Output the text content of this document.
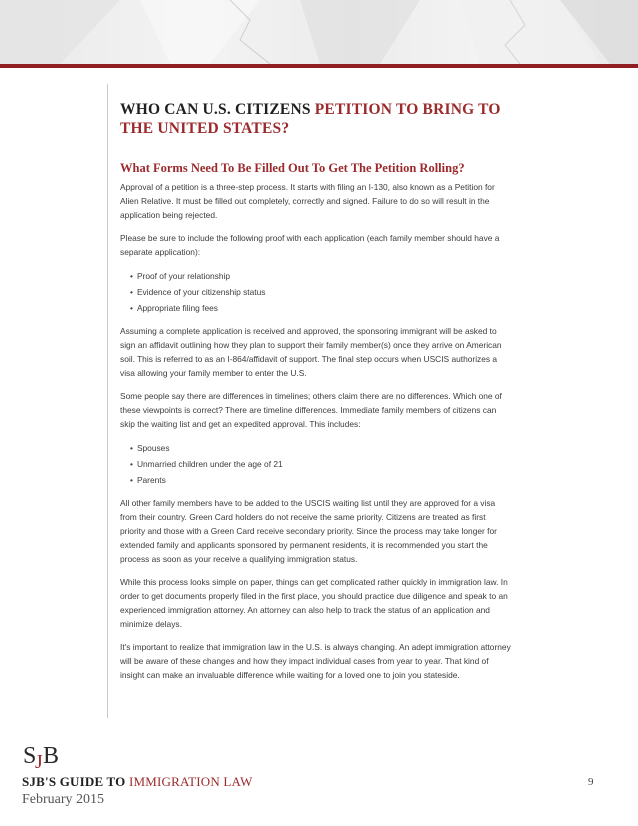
WHO CAN U.S. CITIZENS PETITION TO BRING TO THE UNITED STATES?
What Forms Need To Be Filled Out To Get The Petition Rolling?

Approval of a petition is a three-step process. It starts with filing an I-130, also known as a Petition for Alien Relative. It must be filled out completely, correctly and signed. Failure to do so will result in the application being rejected.

Please be sure to include the following proof with each application (each family member should have a separate application):

• Proof of your relationship
• Evidence of your citizenship status
• Appropriate filing fees

Assuming a complete application is received and approved, the sponsoring immigrant will be asked to sign an affidavit outlining how they plan to support their family member(s) once they arrive on American soil. This is referred to as an I-864/affidavit of support. The final step occurs when USCIS authorizes a visa allowing your family member to enter the U.S.

Some people say there are differences in timelines; others claim there are no differences. Which one of these viewpoints is correct? There are timeline differences. Immediate family members of citizens can skip the waiting list and get an expedited approval. This includes:

• Spouses
• Unmarried children under the age of 21
• Parents

All other family members have to be added to the USCIS waiting list until they are approved for a visa from their country. Green Card holders do not receive the same priority. Citizens are treated as first priority and those with a Green Card receive secondary priority. Since the process may take longer for extended family and applicants sponsored by permanent residents, it is recommended you start the process as soon as your receive a qualifying immigration status.

While this process looks simple on paper, things can get complicated rather quickly in immigration law. In order to get documents properly filed in the first place, you should practice due diligence and speak to an experienced immigration attorney. An attorney can also help to track the status of an application and minimize delays.

It's important to realize that immigration law in the U.S. is always changing. An adept immigration attorney will be aware of these changes and how they impact individual cases from year to year. That kind of insight can make an invaluable difference while waiting for a loved one to join you stateside.

S
J B
SJB'S GUIDE TO IMMIGRATION LAW
February 2015
9
